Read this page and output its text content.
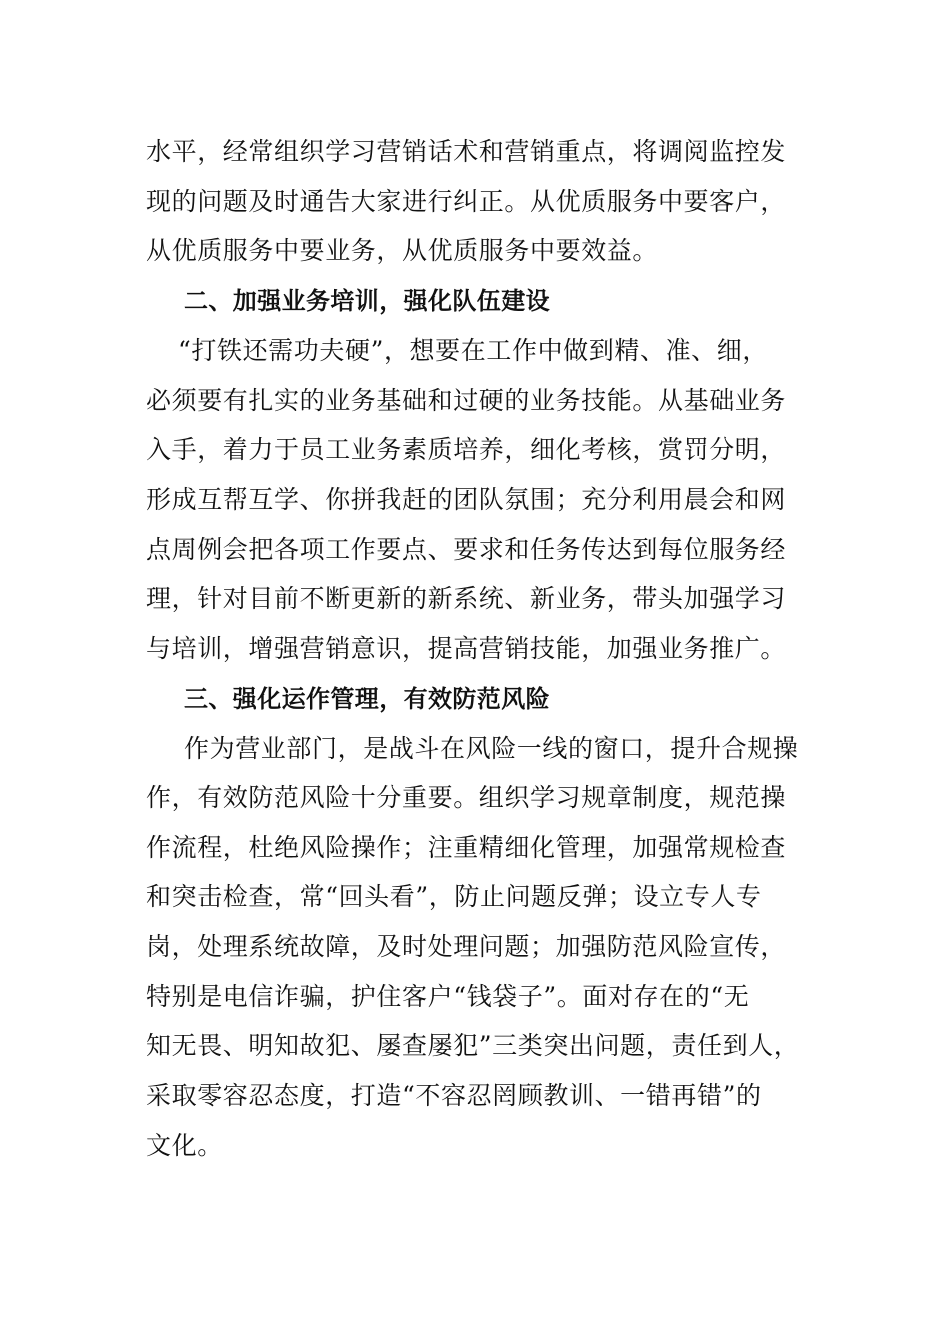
水平，经常组织学习营销话术和营销重点，将调阅监控发
现的问题及时通告大家进行纠正。从优质服务中要客户，
从优质服务中要业务，从优质服务中要效益。
二、加强业务培训，强化队伍建设
“打铁还需功夫硬”，想要在工作中做到精、准、细，
必须要有扎实的业务基础和过硬的业务技能。从基础业务
入手，着力于员工业务素质培养，细化考核，赏罚分明，
形成互帮互学、你拼我赶的团队氛围；充分利用晨会和网
点周例会把各项工作要点、要求和任务传达到每位服务经
理，针对目前不断更新的新系统、新业务，带头加强学习
与培训，增强营销意识，提高营销技能，加强业务推广。
三、强化运作管理，有效防范风险
作为营业部门，是战斗在风险一线的窗口，提升合规操
作，有效防范风险十分重要。组织学习规章制度，规范操
作流程，杜绝风险操作；注重精细化管理，加强常规检查
和突击检查，常“回头看”，防止问题反弹；设立专人专
岗，处理系统故障，及时处理问题；加强防范风险宣传，
特别是电信诈骗，护住客户“钱袋子”。面对存在的“无
知无畏、明知故犯、屡查屡犯”三类突出问题，责任到人，
采取零容忍态度，打造“不容忍罔顾教训、一错再错”的
文化。
